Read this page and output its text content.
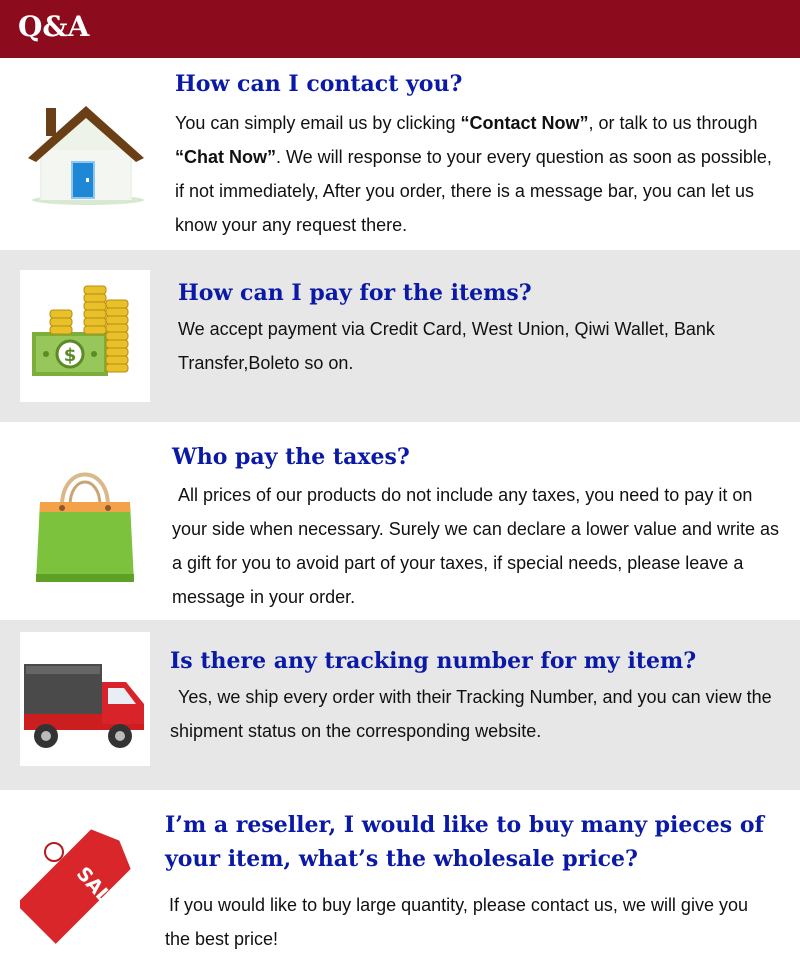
Q&A

How can I contact you?

You can simply email us by clicking “Contact Now”, or talk to us through “Chat Now”. We will response to your every question as soon as possible, if not immediately, After you order, there is a message bar, you can let us know your any request there.

$

How can I pay for the items?

We accept payment via Credit Card, West Union, Qiwi Wallet, Bank Transfer,Boleto so on.

Who pay the taxes?

All prices of our products do not include any taxes, you need to pay it on your side when necessary. Surely we can declare a lower value and write as a gift for you to avoid part of your taxes, if special needs, please leave a message in your order.

Is there any tracking number for my item?

Yes, we ship every order with their Tracking Number, and you can view the shipment status on the corresponding website.

SALE

I’m a reseller, I would like to buy many pieces of your item, what’s the wholesale price?

If you would like to buy large quantity, please contact us, we will give you the best price!
